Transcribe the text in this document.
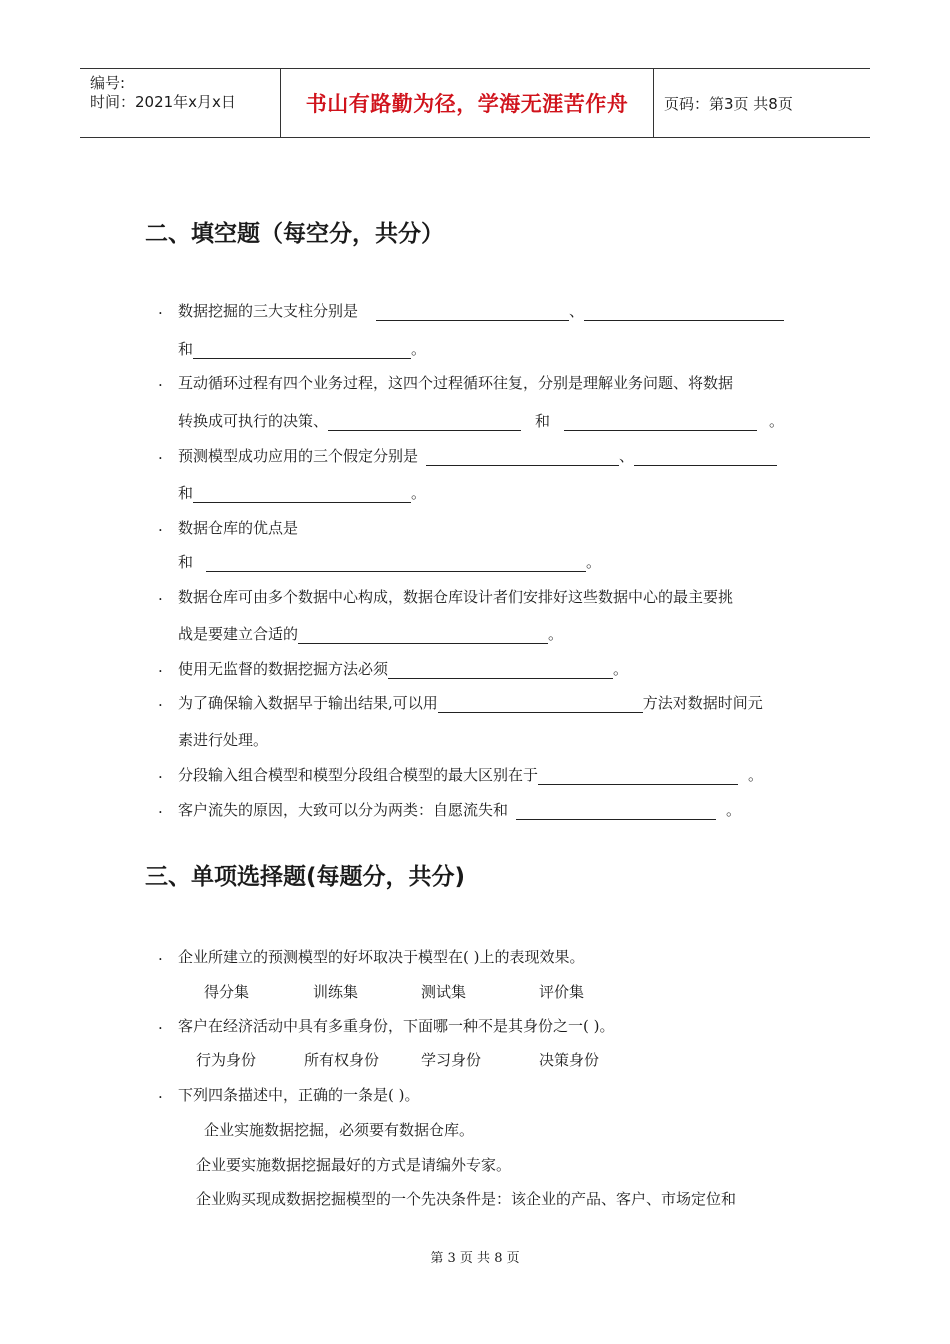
编号:
时间：2021年x月x日	书山有路勤为径，学海无涯苦作舟	页码：第3页 共8页
二、填空题（每空分，共分）
. 数据挖掘的三大支柱分别是	、
和	。
. 互动循环过程有四个业务过程，这四个过程循环往复，分别是理解业务问题、将数据
转换成可执行的决策、	和	。
. 预测模型成功应用的三个假定分别是	、
和	。
. 数据仓库的优点是
和	。
. 数据仓库可由多个数据中心构成，数据仓库设计者们安排好这些数据中心的最主要挑
战是要建立合适的	。
. 使用无监督的数据挖掘方法必须	。
. 为了确保输入数据早于输出结果,可以用	方法对数据时间元
素进行处理。
. 分段输入组合模型和模型分段组合模型的最大区别在于	。
. 客户流失的原因，大致可以分为两类：自愿流失和	。
三、单项选择题(每题分，共分)
. 企业所建立的预测模型的好坏取决于模型在( )上的表现效果。
得分集	训练集	测试集	评价集
. 客户在经济活动中具有多重身份，下面哪一种不是其身份之一( )。
行为身份	所有权身份	学习身份	决策身份
. 下列四条描述中，正确的一条是( )。
企业实施数据挖掘，必须要有数据仓库。
企业要实施数据挖掘最好的方式是请编外专家。
企业购买现成数据挖掘模型的一个先决条件是：该企业的产品、客户、市场定位和
第 3 页 共 8 页
